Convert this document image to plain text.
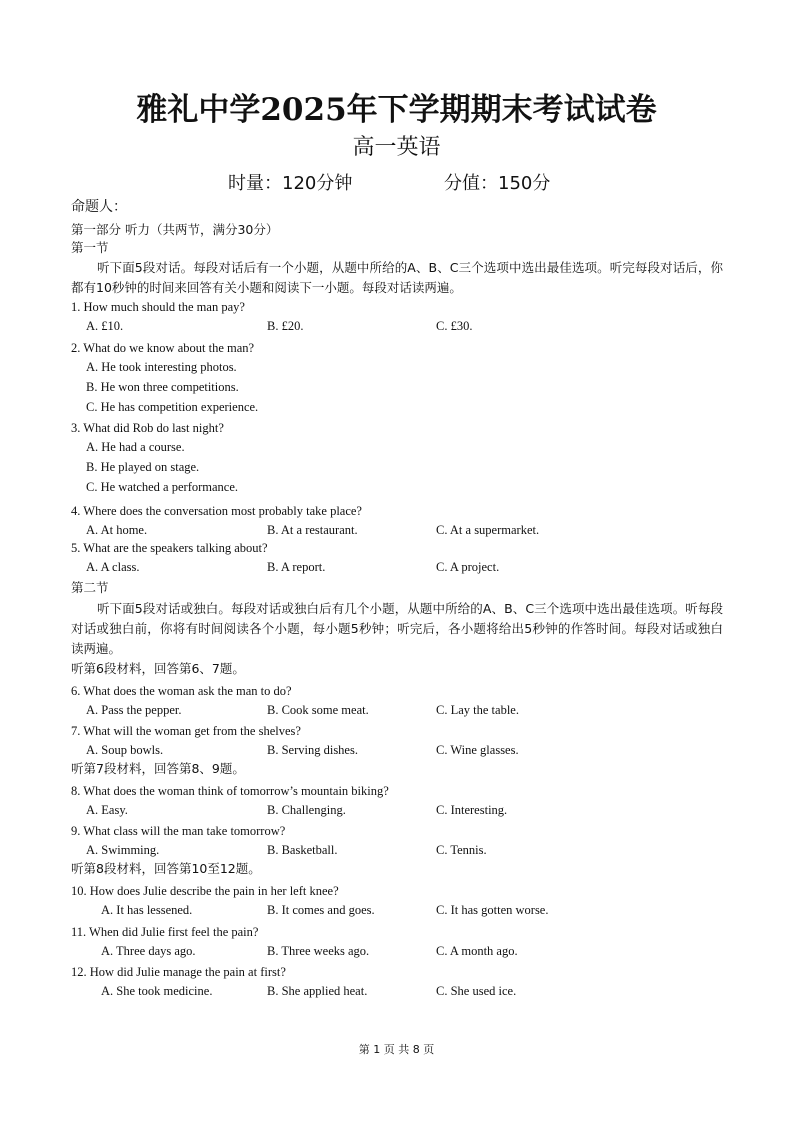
雅礼中学2025年下学期期末考试试卷
高一英语
时量：120分钟	分值：150分
命题人：
第一部分 听力（共两节，满分30分）
第一节
听下面5段对话。每段对话后有一个小题，从题中所给的A、B、C三个选项中选出最佳选项。听完每段对话后，你都有10秒钟的时间来回答有关小题和阅读下一小题。每段对话读两遍。
1. How much should the man pay?
A. £10.	B. £20.	C. £30.
2. What do we know about the man?
A. He took interesting photos.
B. He won three competitions.
C. He has competition experience.
3. What did Rob do last night?
A. He had a course.
B. He played on stage.
C. He watched a performance.
4. Where does the conversation most probably take place?
A. At home.	B. At a restaurant.	C. At a supermarket.
5. What are the speakers talking about?
A. A class.	B. A report.	C. A project.
第二节
听下面5段对话或独白。每段对话或独白后有几个小题，从题中所给的A、B、C三个选项中选出最佳选项。听每段对话或独白前，你将有时间阅读各个小题，每小题5秒钟；听完后，各小题将给出5秒钟的作答时间。每段对话或独白读两遍。
听第6段材料，回答第6、7题。
6. What does the woman ask the man to do?
A. Pass the pepper.	B. Cook some meat.	C. Lay the table.
7. What will the woman get from the shelves?
A. Soup bowls.	B. Serving dishes.	C. Wine glasses.
听第7段材料，回答第8、9题。
8. What does the woman think of tomorrow’s mountain biking?
A. Easy.	B. Challenging.	C. Interesting.
9. What class will the man take tomorrow?
A. Swimming.	B. Basketball.	C. Tennis.
听第8段材料，回答第10至12题。
10. How does Julie describe the pain in her left knee?
A. It has lessened.	B. It comes and goes.	C. It has gotten worse.
11. When did Julie first feel the pain?
A. Three days ago.	B. Three weeks ago.	C. A month ago.
12. How did Julie manage the pain at first?
A. She took medicine.	B. She applied heat.	C. She used ice.
第 1 页 共 8 页
